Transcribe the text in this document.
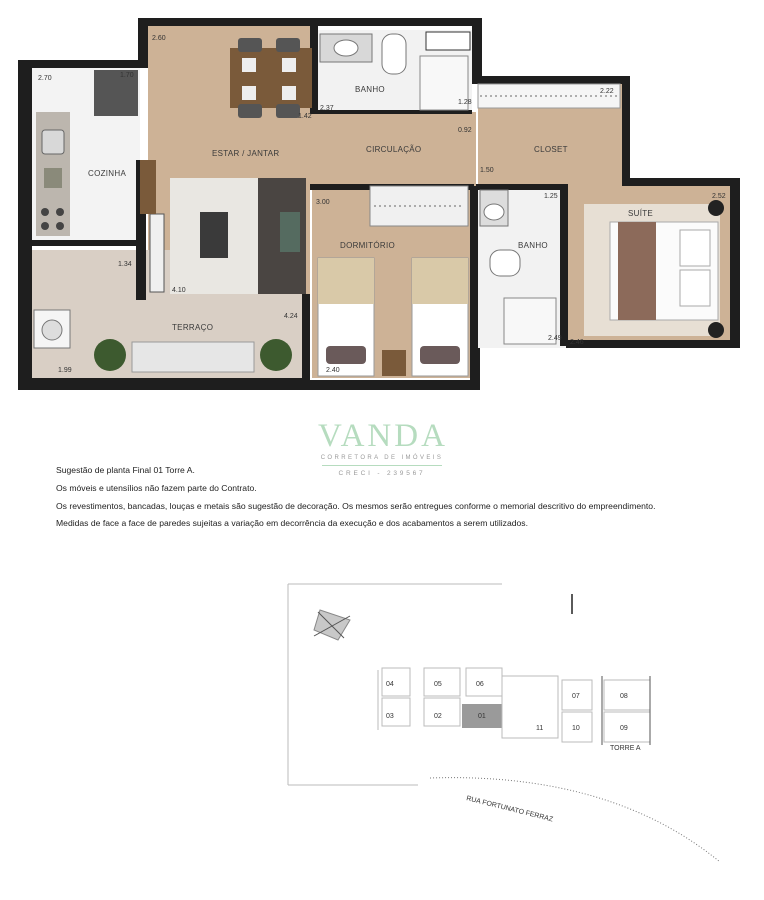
ESTAR / JANTAR	CIRCULAÇÃO	CLOSET
BANHO
BANHO
COZINHA
DORMITÓRIO
SUÍTE
TERRAÇO
2.60
2.70	1.70
1.42
2.37
1.28
0.92
2.22
1.50
1.25
3.00
2.52
1.34
4.10
4.24
1.99	2.40
2.49
2.46
VANDA
CORRETORA DE IMÓVEIS
CRECI - 239567
Sugestão de planta Final 01 Torre A.
Os móveis e utensílios não fazem parte do Contrato.
Os revestimentos, bancadas, louças e metais são sugestão de decoração. Os mesmos serão entregues conforme o memorial descritivo do empreendimento.
Medidas de face a face de paredes sujeitas a variação em decorrência da execução e dos acabamentos a serem utilizados.
04
03
05
02
06
01
11
07
10
08
09
TORRE A
RUA FORTUNATO FERRAZ
